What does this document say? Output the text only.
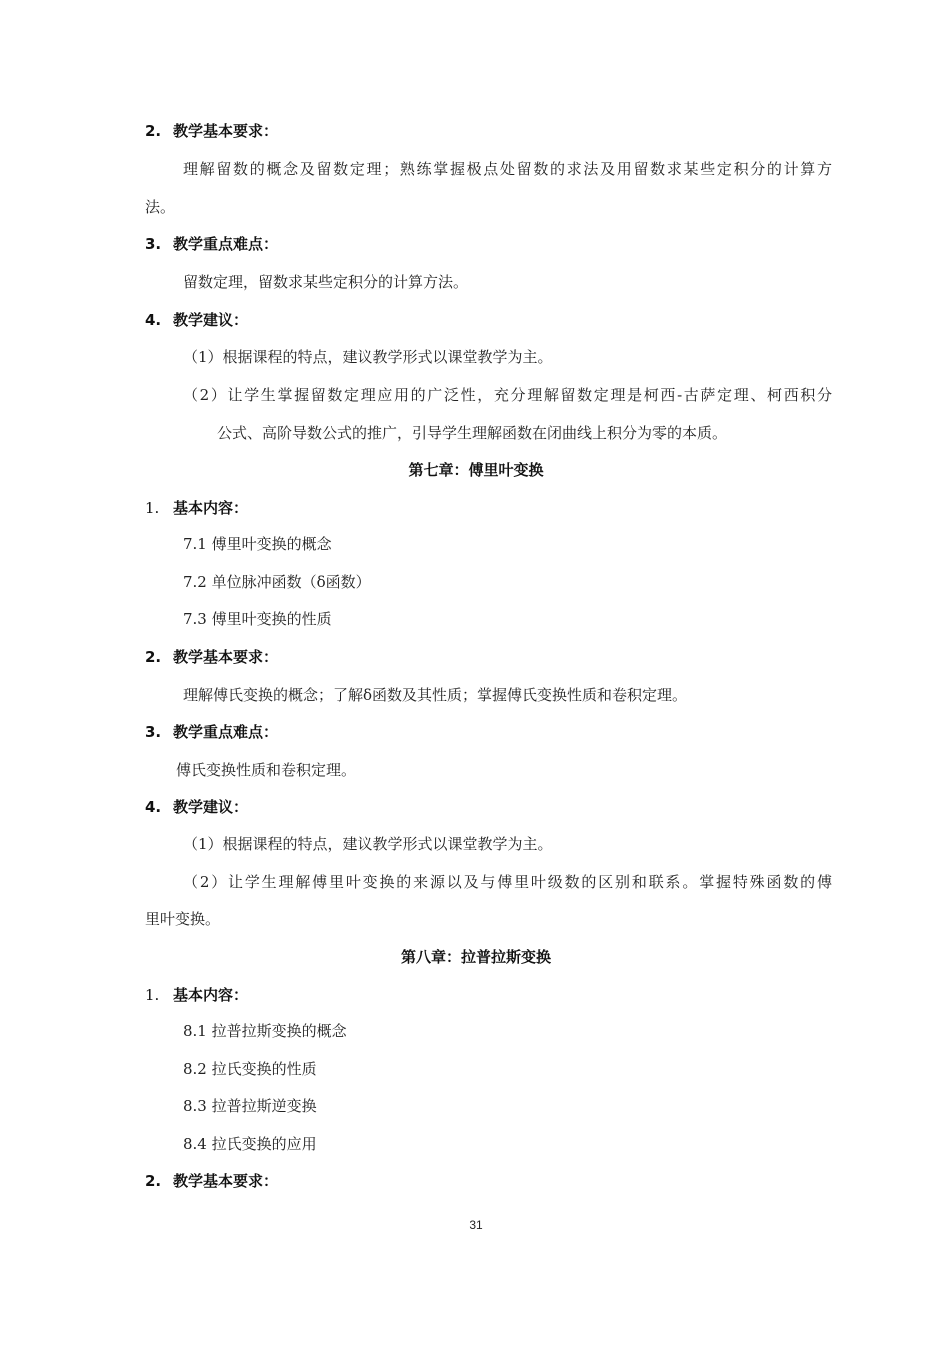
2. 教学基本要求：
理解留数的概念及留数定理；熟练掌握极点处留数的求法及用留数求某些定积分的计算方
法。
3. 教学重点难点：
留数定理，留数求某些定积分的计算方法。
4. 教学建议：
（1）根据课程的特点，建议教学形式以课堂教学为主。
（2）让学生掌握留数定理应用的广泛性，充分理解留数定理是柯西-古萨定理、柯西积分
公式、高阶导数公式的推广，引导学生理解函数在闭曲线上积分为零的本质。
第七章：傅里叶变换
1. 基本内容：
7.1 傅里叶变换的概念
7.2 单位脉冲函数（δ函数）
7.3 傅里叶变换的性质
2. 教学基本要求：
理解傅氏变换的概念；了解δ函数及其性质；掌握傅氏变换性质和卷积定理。
3. 教学重点难点：
傅氏变换性质和卷积定理。
4. 教学建议：
（1）根据课程的特点，建议教学形式以课堂教学为主。
（2）让学生理解傅里叶变换的来源以及与傅里叶级数的区别和联系。掌握特殊函数的傅
里叶变换。
第八章：拉普拉斯变换
1. 基本内容：
8.1 拉普拉斯变换的概念
8.2 拉氏变换的性质
8.3 拉普拉斯逆变换
8.4 拉氏变换的应用
2. 教学基本要求：
31
